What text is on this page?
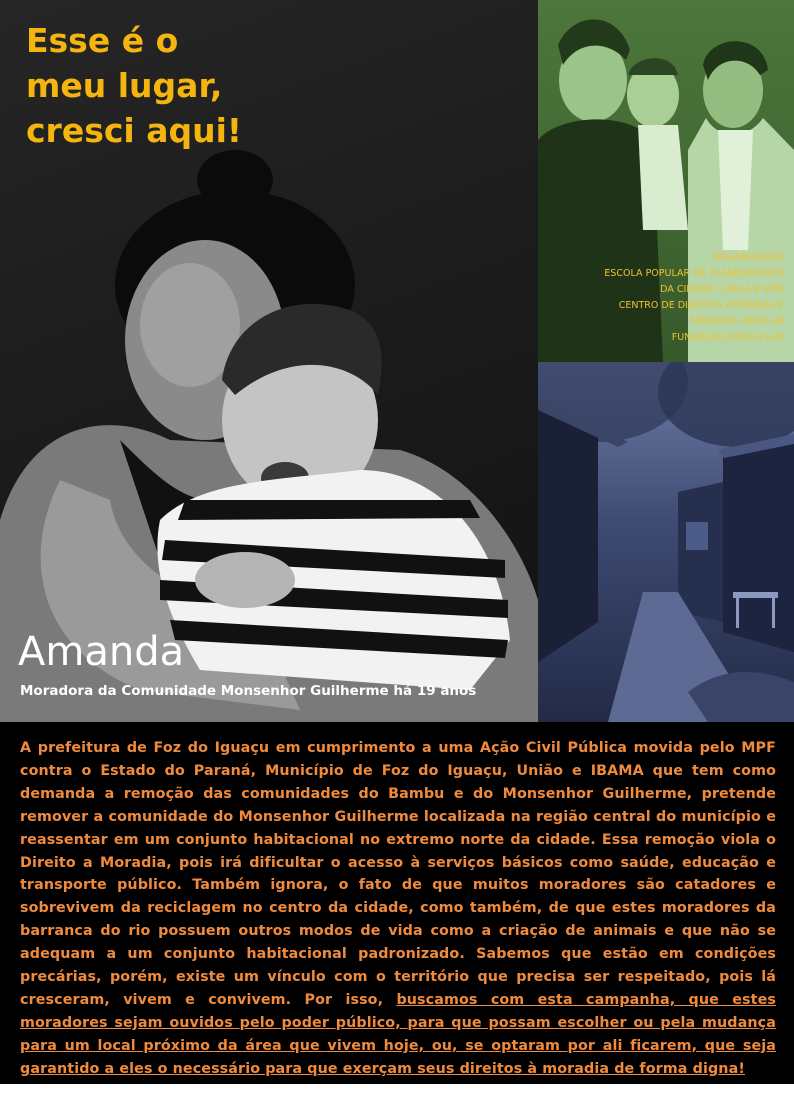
Esse é o
meu lugar,
cresci aqui!
Amanda
Moradora da Comunidade Monsenhor Guilherme há 19 anos
ORGANIZAÇÃO
ESCOLA POPULAR DE PLANEJAMENTO
DA CIDADE / UNILA E IFPR
CENTRO DE DIREITOS HUMANOS E
MEMORIA POPULAR
FUNDAÇÃO NOSSO LAR

A prefeitura de Foz do Iguaçu em cumprimento a uma Ação Civil Pública movida pelo MPF contra o Estado do Paraná, Município de Foz do Iguaçu, União e IBAMA que tem como demanda a remoção das comunidades do Bambu e do Monsenhor Guilherme, pretende remover a comunidade do Monsenhor Guilherme localizada na região central do município e reassentar em um conjunto habitacional no extremo norte da cidade. Essa remoção viola o Direito a Moradia, pois irá dificultar o acesso à serviços básicos como saúde, educação e transporte público. Também ignora, o fato de que muitos moradores são catadores e sobrevivem da reciclagem no centro da cidade, como também, de que estes moradores da barranca do rio possuem outros modos de vida como a criação de animais e que não se adequam a um conjunto habitacional padronizado. Sabemos que estão em condições precárias, porém, existe um vínculo com o território que precisa ser respeitado, pois lá cresceram, vivem e convivem. Por isso, buscamos com esta campanha, que estes moradores sejam ouvidos pelo poder público, para que possam escolher ou pela mudança para um local próximo da área que vivem hoje, ou, se optaram por ali ficarem, que seja garantido a eles o necessário para que exerçam seus direitos à moradia de forma digna!
